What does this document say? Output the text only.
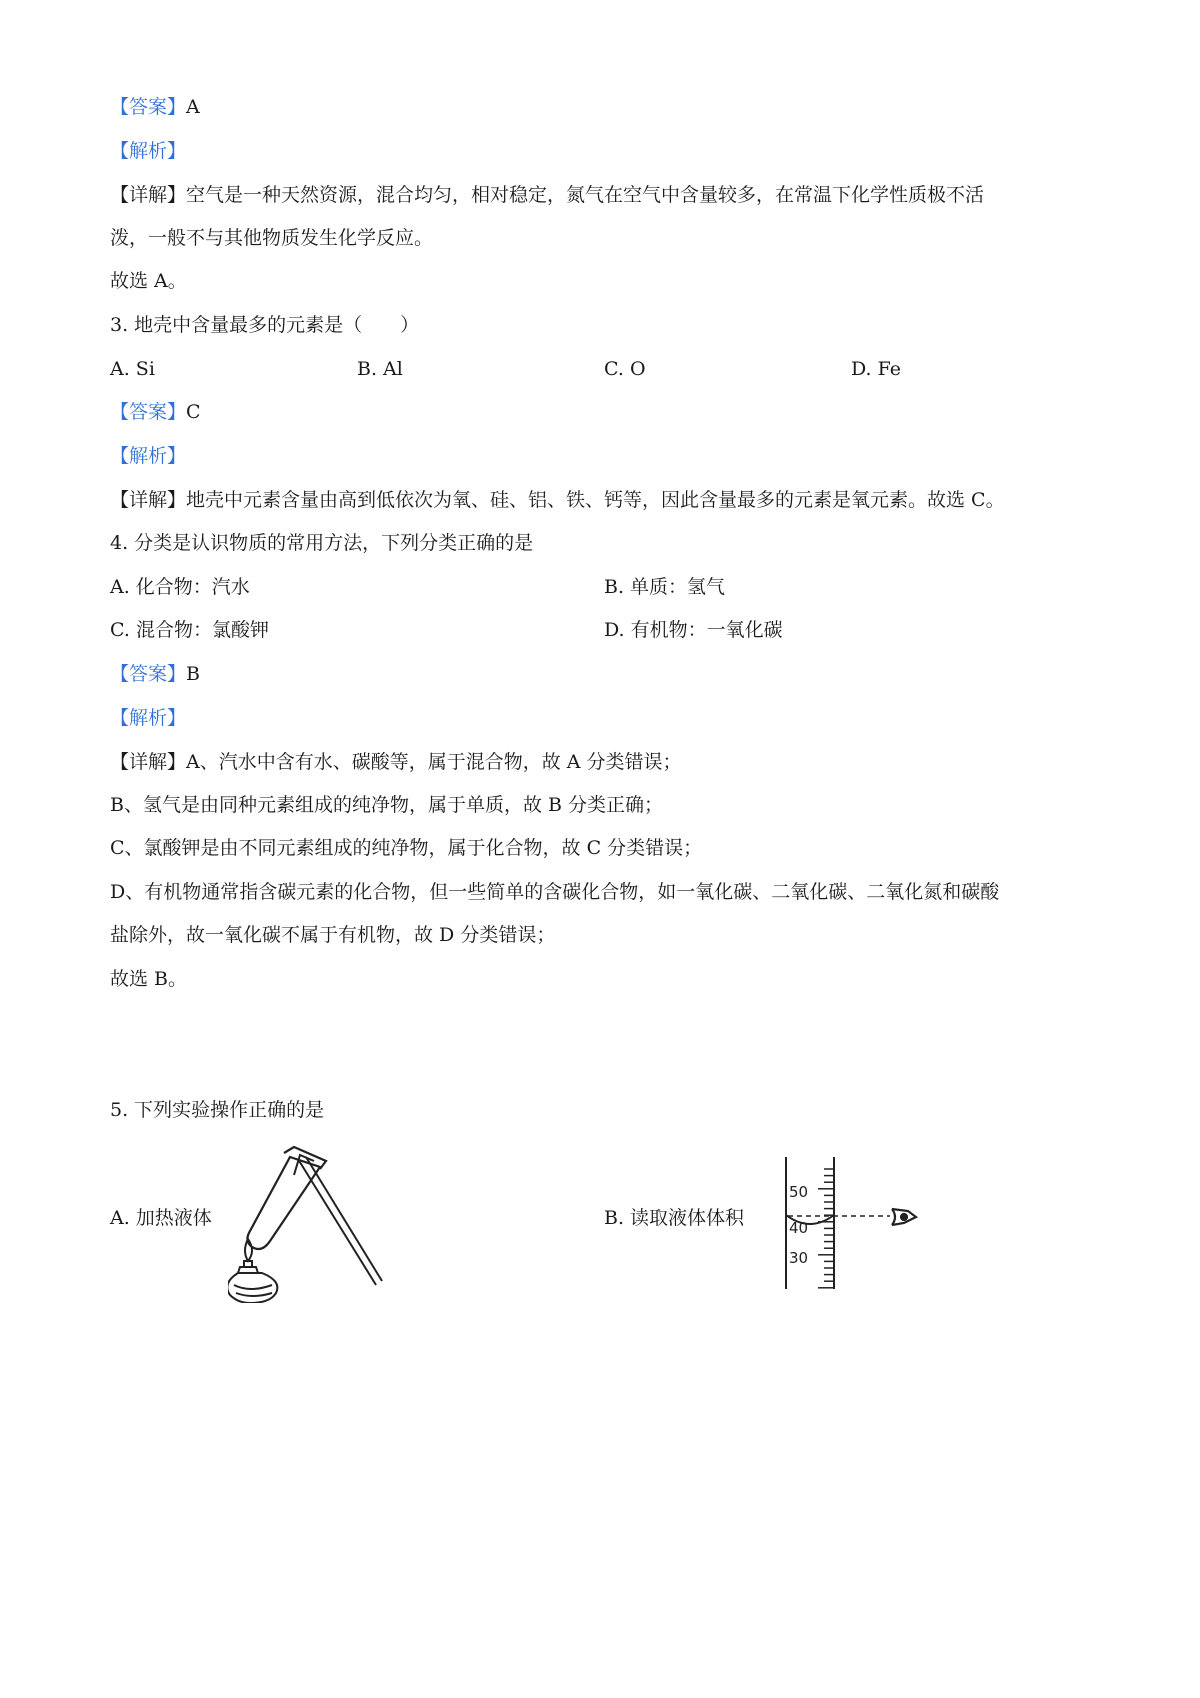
【答案】A
【解析】
【详解】空气是一种天然资源，混合均匀，相对稳定，氮气在空气中含量较多，在常温下化学性质极不活
泼，一般不与其他物质发生化学反应。
故选 A。
3. 地壳中含量最多的元素是（　　）
A. Si	B. Al	C. O	D. Fe
【答案】C
【解析】
【详解】地壳中元素含量由高到低依次为氧、硅、铝、铁、钙等，因此含量最多的元素是氧元素。故选 C。
4. 分类是认识物质的常用方法，下列分类正确的是
A. 化合物：汽水	B. 单质：氢气
C. 混合物：氯酸钾	D. 有机物：一氧化碳
【答案】B
【解析】
【详解】A、汽水中含有水、碳酸等，属于混合物，故 A 分类错误；
B、氢气是由同种元素组成的纯净物，属于单质，故 B 分类正确；
C、氯酸钾是由不同元素组成的纯净物，属于化合物，故 C 分类错误；
D、有机物通常指含碳元素的化合物，但一些简单的含碳化合物，如一氧化碳、二氧化碳、二氧化氮和碳酸
盐除外，故一氧化碳不属于有机物，故 D 分类错误；
故选 B。
5. 下列实验操作正确的是
A. 加热液体	B. 读取液体体积
50
40
30
